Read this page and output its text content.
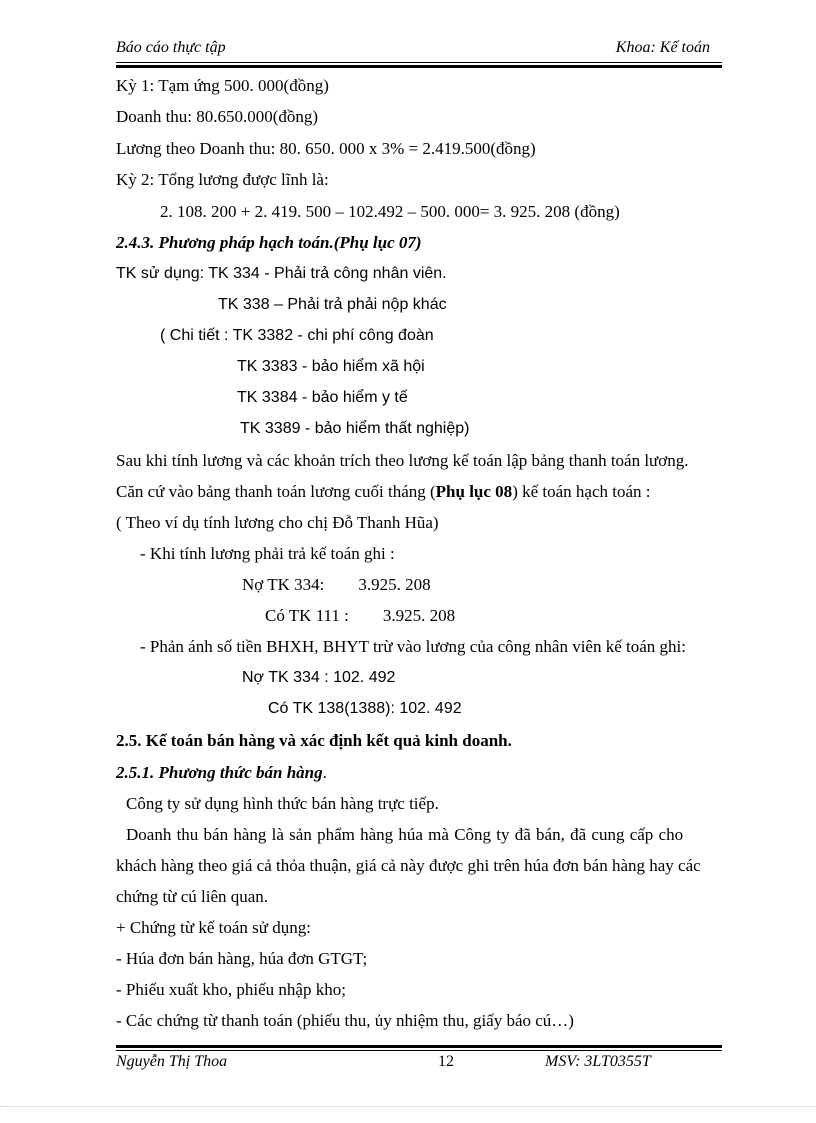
Báo cáo thực tập	Khoa: Kế toán
Kỳ 1: Tạm ứng 500. 000(đồng)
Doanh thu: 80.650.000(đồng)
Lương theo Doanh thu: 80. 650. 000 x 3% = 2.419.500(đồng)
Kỳ 2: Tổng lương được lĩnh là:
2. 108. 200 + 2. 419. 500 – 102.492 – 500. 000= 3. 925. 208 (đồng)
2.4.3. Phương pháp hạch toán.(Phụ lục 07)
TK sử dụng: TK 334 - Phải trả công nhân viên.
TK 338 – Phải trả phải nộp khác
( Chi tiết : TK 3382 - chi phí công đoàn
TK 3383 - bảo hiểm xã hội
TK 3384 - bảo hiểm y tế
TK 3389 - bảo hiểm thất nghiệp)
Sau khi tính lương và các khoản trích theo lương kế toán lập bảng thanh toán lương.
Căn cứ vào bảng thanh toán lương cuối tháng (Phụ lục 08) kế toán hạch toán :
( Theo ví dụ tính lương cho chị Đỗ Thanh Hũa)
- Khi tính lương phải trả kế toán ghi :
Nợ TK 334:        3.925. 208
Có TK 111 :        3.925. 208
- Phản ánh số tiền BHXH, BHYT trừ vào lương của công nhân viên kế toán ghi:
Nợ TK 334 : 102. 492
Có TK 138(1388): 102. 492
2.5. Kế toán bán hàng và xác định kết quả kinh doanh.
2.5.1. Phương thức bán hàng.
Công ty sử dụng hình thức bán hàng trực tiếp.
Doanh thu bán hàng là sản phẩm hàng húa mà Công ty đã bán, đã cung cấp cho
khách hàng theo giá cả thỏa thuận, giá cả này được ghi trên húa đơn bán hàng hay các
chứng từ cú liên quan.
+ Chứng từ kế toán sử dụng:
- Húa đơn bán hàng, húa đơn GTGT;
- Phiếu xuất kho, phiếu nhập kho;
- Các chứng từ thanh toán (phiếu thu, ủy nhiệm thu, giấy báo cú…)
Nguyễn Thị Thoa	12	MSV: 3LT0355T
